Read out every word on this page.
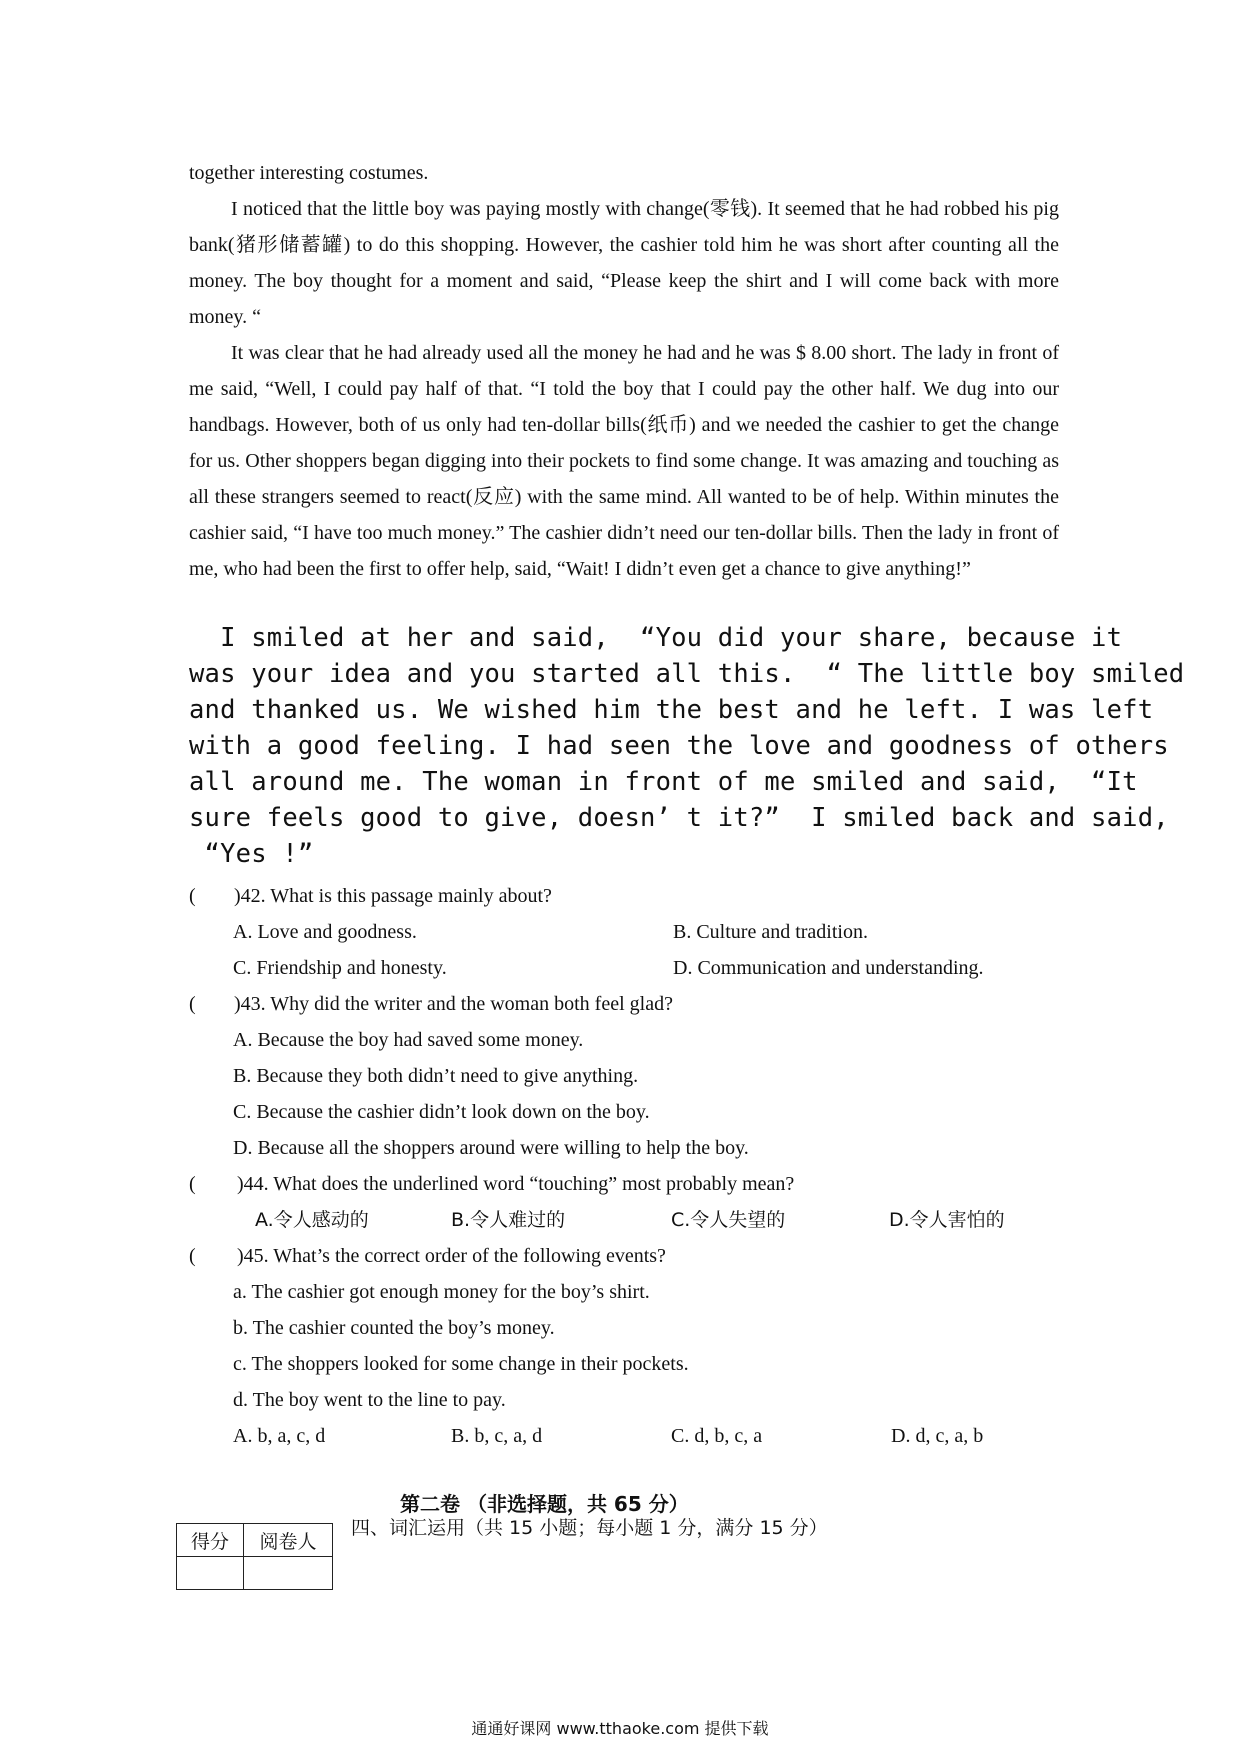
together interesting costumes.

I noticed that the little boy was paying mostly with change(零钱). It seemed that he had robbed his pig bank(猪形储蓄罐) to do this shopping. However, the cashier told him he was short after counting all the money. The boy thought for a moment and said, “Please keep the shirt and I will come back with more money. “

It was clear that he had already used all the money he had and he was $ 8.00 short. The lady in front of me said, “Well, I could pay half of that. “I told the boy that I could pay the other half. We dug into our handbags. However, both of us only had ten-dollar bills(纸币) and we needed the cashier to get the change for us. Other shoppers began digging into their pockets to find some change. It was amazing and touching as all these strangers seemed to react(反应) with the same mind. All wanted to be of help. Within minutes the cashier said, “I have too much money.” The cashier didn’t need our ten-dollar bills. Then the lady in front of me, who had been the first to offer help, said, “Wait! I didn’t even get a chance to give anything!”

I smiled at her and said,  “You did your share, because it

was your idea and you started all this.  “ The little boy smiled

and thanked us. We wished him the best and he left. I was left

with a good feeling. I had seen the love and goodness of others

all around me. The woman in front of me smiled and said,  “It

sure feels good to give, doesn’ t it?”  I smiled back and said,

“Yes !”

(	)42. What is this passage mainly about?
A. Love and goodness.	B. Culture and tradition.
C. Friendship and honesty.	D. Communication and understanding.
(	)43. Why did the writer and the woman both feel glad?
A. Because the boy had saved some money.
B. Because they both didn’t need to give anything.
C. Because the cashier didn’t look down on the boy.
D. Because all the shoppers around were willing to help the boy.
(	)44. What does the underlined word “touching” most probably mean?
A.令人感动的	B.令人难过的	C.令人失望的	D.令人害怕的
(	)45. What’s the correct order of the following events?
a. The cashier got enough money for the boy’s shirt.
b. The cashier counted the boy’s money.
c. The shoppers looked for some change in their pockets.
d. The boy went to the line to pay.
A. b, a, c, d	B. b, c, a, d	C. d, b, c, a	D. d, c, a, b
第二卷 （非选择题，共 65 分）
得分	阅卷人

四、词汇运用（共 15 小题；每小题 1 分，满分 15 分）
通通好课网 www.tthaoke.com 提供下载
